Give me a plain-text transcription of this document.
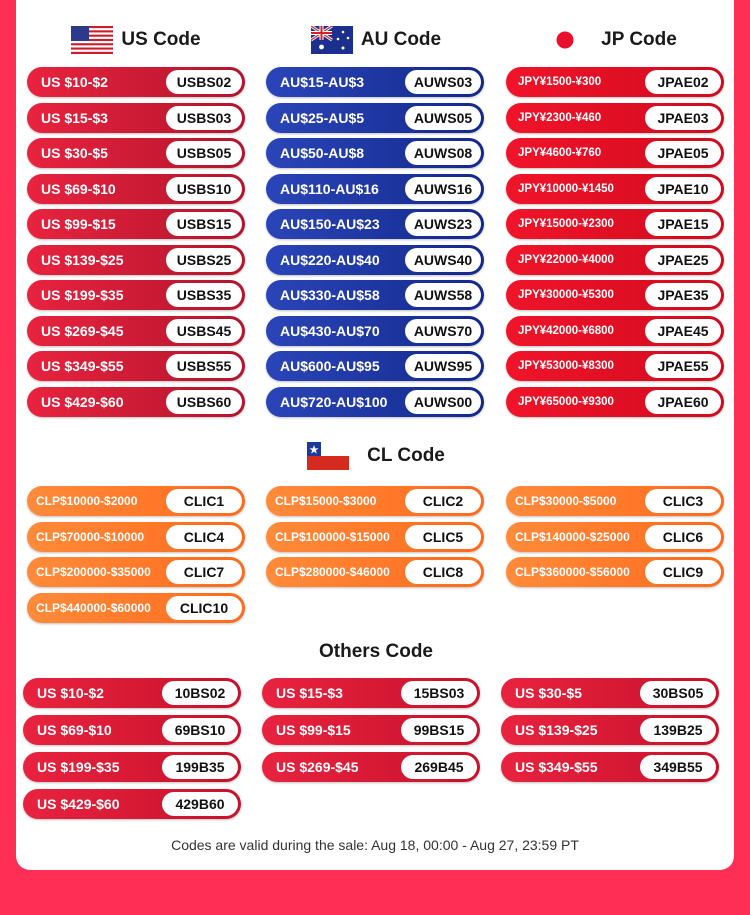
US Code	AU Code	JP Code
US $10-$2	USBS02
US $15-$3	USBS03
US $30-$5	USBS05
US $69-$10	USBS10
US $99-$15	USBS15
US $139-$25	USBS25
US $199-$35	USBS35
US $269-$45	USBS45
US $349-$55	USBS55
US $429-$60	USBS60
AU$15-AU$3	AUWS03
AU$25-AU$5	AUWS05
AU$50-AU$8	AUWS08
AU$110-AU$16	AUWS16
AU$150-AU$23	AUWS23
AU$220-AU$40	AUWS40
AU$330-AU$58	AUWS58
AU$430-AU$70	AUWS70
AU$600-AU$95	AUWS95
AU$720-AU$100	AUWS00
JPY¥1500-¥300	JPAE02
JPY¥2300-¥460	JPAE03
JPY¥4600-¥760	JPAE05
JPY¥10000-¥1450	JPAE10
JPY¥15000-¥2300	JPAE15
JPY¥22000-¥4000	JPAE25
JPY¥30000-¥5300	JPAE35
JPY¥42000-¥6800	JPAE45
JPY¥53000-¥8300	JPAE55
JPY¥65000-¥9300	JPAE60
CL Code
CLP$10000-$2000	CLIC1	CLP$15000-$3000	CLIC2	CLP$30000-$5000	CLIC3
CLP$70000-$10000	CLIC4	CLP$100000-$15000	CLIC5	CLP$140000-$25000	CLIC6
CLP$200000-$35000	CLIC7	CLP$280000-$46000	CLIC8	CLP$360000-$56000	CLIC9
CLP$440000-$60000	CLIC10
Others Code
US $10-$2	10BS02	US $15-$3	15BS03	US $30-$5	30BS05
US $69-$10	69BS10	US $99-$15	99BS15	US $139-$25	139B25
US $199-$35	199B35	US $269-$45	269B45	US $349-$55	349B55
US $429-$60	429B60
Codes are valid during the sale: Aug 18, 00:00 - Aug 27, 23:59 PT
